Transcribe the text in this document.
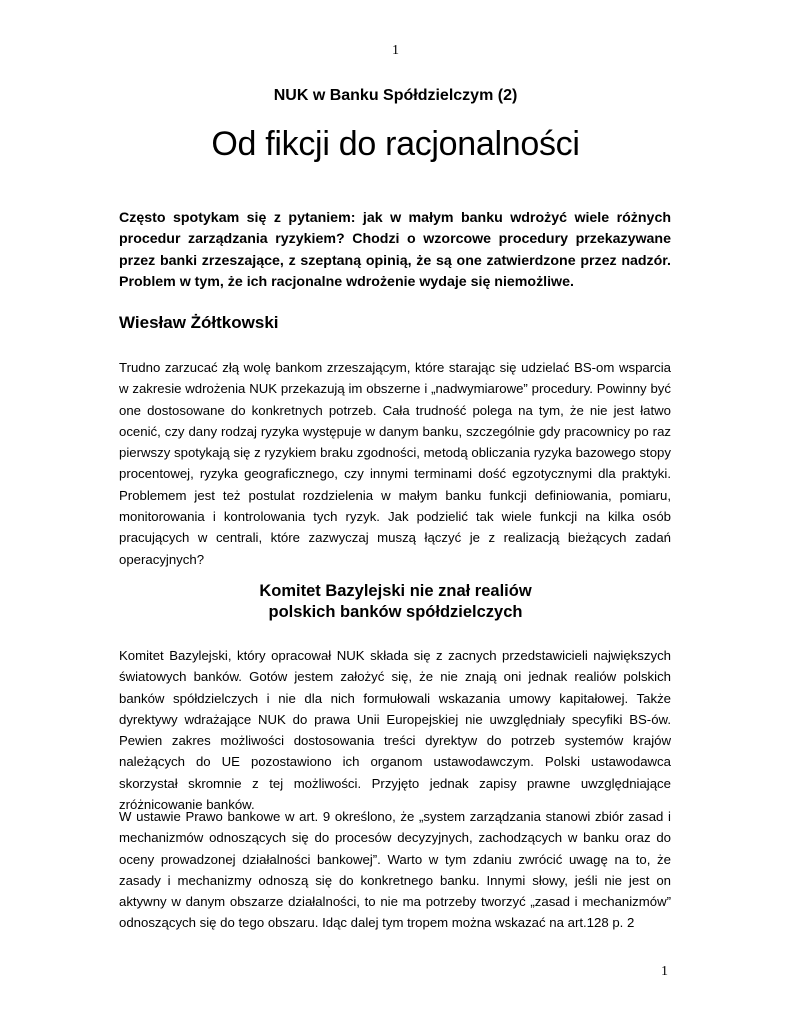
1
NUK w Banku Spółdzielczym (2)
Od fikcji do racjonalności

Często spotykam się z pytaniem: jak w małym banku wdrożyć wiele różnych procedur zarządzania ryzykiem? Chodzi o wzorcowe procedury przekazywane przez banki zrzeszające, z szeptaną opinią, że są one zatwierdzone przez nadzór. Problem w tym, że ich racjonalne wdrożenie wydaje się niemożliwe.

Wiesław Żółtkowski

Trudno zarzucać złą wolę bankom zrzeszającym, które starając się udzielać BS-om wsparcia w zakresie wdrożenia NUK przekazują im obszerne i „nadwymiarowe” procedury. Powinny być one dostosowane do konkretnych potrzeb. Cała trudność polega na tym, że nie jest łatwo ocenić, czy dany rodzaj ryzyka występuje w danym banku, szczególnie gdy pracownicy po raz pierwszy spotykają się z ryzykiem braku zgodności, metodą obliczania ryzyka bazowego stopy procentowej, ryzyka geograficznego, czy innymi terminami dość egzotycznymi dla praktyki. Problemem jest też postulat rozdzielenia w małym banku funkcji definiowania, pomiaru, monitorowania i kontrolowania tych ryzyk. Jak podzielić tak wiele funkcji na kilka osób pracujących w centrali, które zazwyczaj muszą łączyć je z realizacją bieżących zadań operacyjnych?

Komitet Bazylejski nie znał realiów
polskich banków spółdzielczych

Komitet Bazylejski, który opracował NUK składa się z zacnych przedstawicieli największych światowych banków. Gotów jestem założyć się, że nie znają oni jednak realiów polskich banków spółdzielczych i nie dla nich formułowali wskazania umowy kapitałowej. Także dyrektywy wdrażające NUK do prawa Unii Europejskiej nie uwzględniały specyfiki BS-ów. Pewien zakres możliwości dostosowania treści dyrektyw do potrzeb systemów krajów należących do UE pozostawiono ich organom ustawodawczym. Polski ustawodawca skorzystał skromnie z tej możliwości. Przyjęto jednak zapisy prawne uwzględniające zróżnicowanie banków.

W ustawie Prawo bankowe w art. 9 określono, że „system zarządzania stanowi zbiór zasad i mechanizmów odnoszących się do procesów decyzyjnych, zachodzących w banku oraz do oceny prowadzonej działalności bankowej”. Warto w tym zdaniu zwrócić uwagę na to, że zasady i mechanizmy odnoszą się do konkretnego banku. Innymi słowy, jeśli nie jest on aktywny w danym obszarze działalności, to nie ma potrzeby tworzyć „zasad i mechanizmów” odnoszących się do tego obszaru. Idąc dalej tym tropem można wskazać na art.128 p. 2

1
